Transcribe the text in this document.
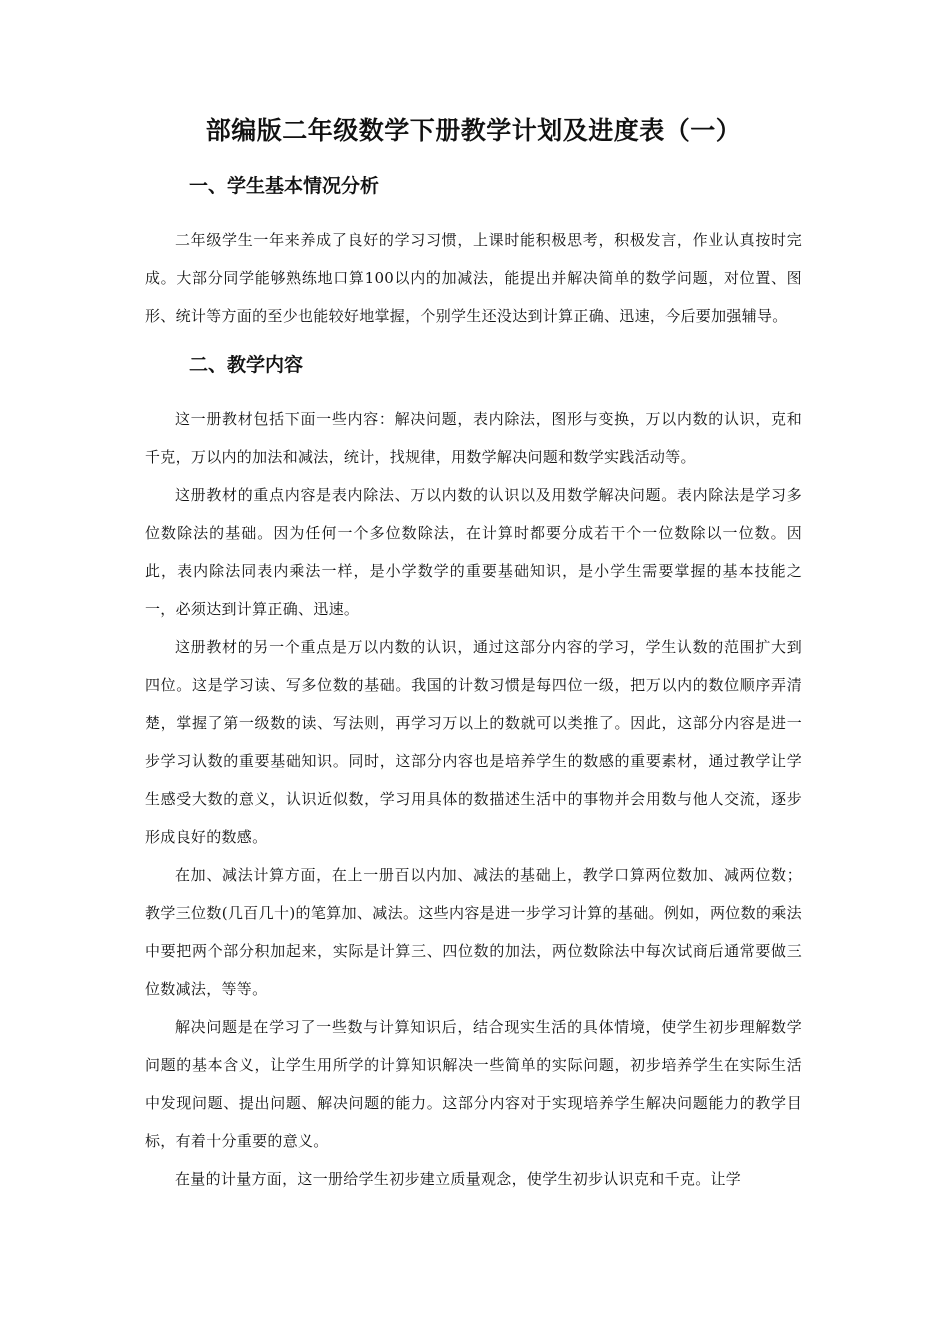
部编版二年级数学下册教学计划及进度表（一）
一、学生基本情况分析

二年级学生一年来养成了良好的学习习惯，上课时能积极思考，积极发言，作业认真按时完成。大部分同学能够熟练地口算100以内的加减法，能提出并解决简单的数学问题，对位置、图形、统计等方面的至少也能较好地掌握，个别学生还没达到计算正确、迅速，今后要加强辅导。

二、教学内容

这一册教材包括下面一些内容：解决问题，表内除法，图形与变换，万以内数的认识，克和千克，万以内的加法和减法，统计，找规律，用数学解决问题和数学实践活动等。

这册教材的重点内容是表内除法、万以内数的认识以及用数学解决问题。表内除法是学习多位数除法的基础。因为任何一个多位数除法，在计算时都要分成若干个一位数除以一位数。因此，表内除法同表内乘法一样，是小学数学的重要基础知识，是小学生需要掌握的基本技能之一，必须达到计算正确、迅速。

这册教材的另一个重点是万以内数的认识，通过这部分内容的学习，学生认数的范围扩大到四位。这是学习读、写多位数的基础。我国的计数习惯是每四位一级，把万以内的数位顺序弄清楚，掌握了第一级数的读、写法则，再学习万以上的数就可以类推了。因此，这部分内容是进一步学习认数的重要基础知识。同时，这部分内容也是培养学生的数感的重要素材，通过教学让学生感受大数的意义，认识近似数，学习用具体的数描述生活中的事物并会用数与他人交流，逐步形成良好的数感。

在加、减法计算方面，在上一册百以内加、减法的基础上，教学口算两位数加、减两位数；教学三位数(几百几十)的笔算加、减法。这些内容是进一步学习计算的基础。例如，两位数的乘法中要把两个部分积加起来，实际是计算三、四位数的加法，两位数除法中每次试商后通常要做三位数减法，等等。

解决问题是在学习了一些数与计算知识后，结合现实生活的具体情境，使学生初步理解数学问题的基本含义，让学生用所学的计算知识解决一些简单的实际问题，初步培养学生在实际生活中发现问题、提出问题、解决问题的能力。这部分内容对于实现培养学生解决问题能力的教学目标，有着十分重要的意义。

在量的计量方面，这一册给学生初步建立质量观念，使学生初步认识克和千克。让学
